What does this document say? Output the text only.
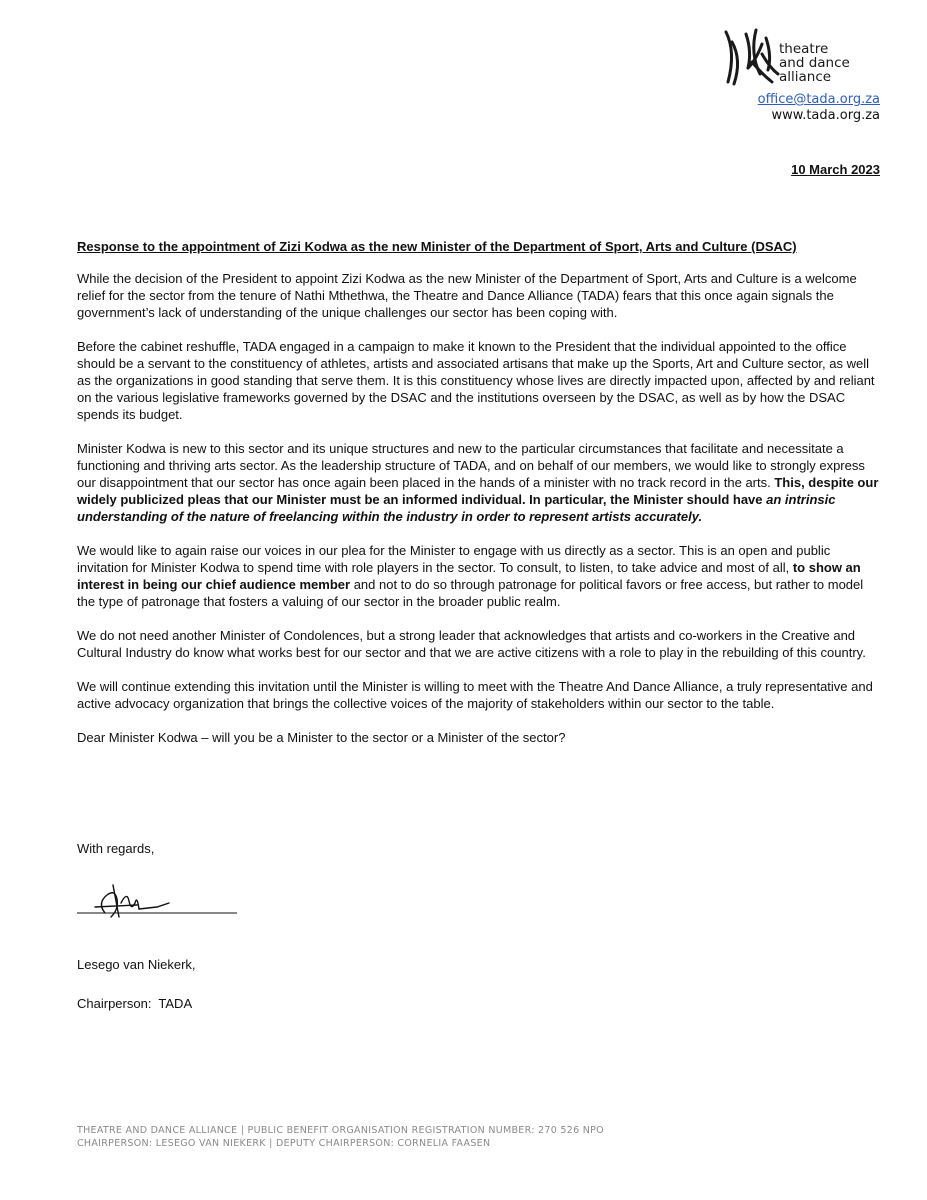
theatre
and dance
alliance
office@tada.org.za
www.tada.org.za
10 March 2023
Response to the appointment of Zizi Kodwa as the new Minister of the Department of Sport, Arts and Culture (DSAC)

While the decision of the President to appoint Zizi Kodwa as the new Minister of the Department of Sport, Arts and Culture is a welcome relief for the sector from the tenure of Nathi Mthethwa, the Theatre and Dance Alliance (TADA) fears that this once again signals the government’s lack of understanding of the unique challenges our sector has been coping with.

Before the cabinet reshuffle, TADA engaged in a campaign to make it known to the President that the individual appointed to the office should be a servant to the constituency of athletes, artists and associated artisans that make up the Sports, Art and Culture sector, as well as the organizations in good standing that serve them. It is this constituency whose lives are directly impacted upon, affected by and reliant on the various legislative frameworks governed by the DSAC and the institutions overseen by the DSAC, as well as by how the DSAC spends its budget.

Minister Kodwa is new to this sector and its unique structures and new to the particular circumstances that facilitate and necessitate a functioning and thriving arts sector. As the leadership structure of TADA, and on behalf of our members, we would like to strongly express our disappointment that our sector has once again been placed in the hands of a minister with no track record in the arts. This, despite our widely publicized pleas that our Minister must be an informed individual. In particular, the Minister should have an intrinsic understanding of the nature of freelancing within the industry in order to represent artists accurately.

We would like to again raise our voices in our plea for the Minister to engage with us directly as a sector. This is an open and public invitation for Minister Kodwa to spend time with role players in the sector. To consult, to listen, to take advice and most of all, to show an interest in being our chief audience member and not to do so through patronage for political favors or free access, but rather to model the type of patronage that fosters a valuing of our sector in the broader public realm.

We do not need another Minister of Condolences, but a strong leader that acknowledges that artists and co-workers in the Creative and Cultural Industry do know what works best for our sector and that we are active citizens with a role to play in the rebuilding of this country.

We will continue extending this invitation until the Minister is willing to meet with the Theatre And Dance Alliance, a truly representative and active advocacy organization that brings the collective voices of the majority of stakeholders within our sector to the table.

Dear Minister Kodwa – will you be a Minister to the sector or a Minister of the sector?

With regards,
Lesego van Niekerk,
Chairperson:  TADA
THEATRE AND DANCE ALLIANCE | PUBLIC BENEFIT ORGANISATION REGISTRATION NUMBER: 270 526 NPO
CHAIRPERSON: LESEGO VAN NIEKERK | DEPUTY CHAIRPERSON: CORNELIA FAASEN
